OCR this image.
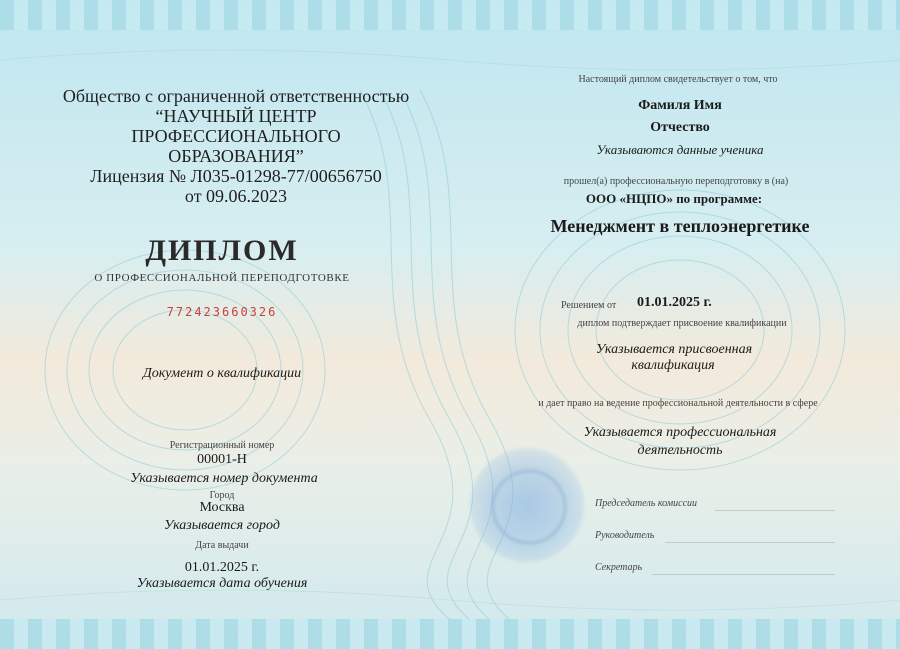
Общество с ограниченной ответственностью
“НАУЧНЫЙ ЦЕНТР
ПРОФЕССИОНАЛЬНОГО
ОБРАЗОВАНИЯ”
Лицензия № Л035-01298-77/00656750
от 09.06.2023
ДИПЛОМ
О ПРОФЕССИОНАЛЬНОЙ ПЕРЕПОДГОТОВКЕ
772423660326
Документ о квалификации
Регистрационный номер
00001-Н
Указывается номер документа
Город
Москва
Указывается город
Дата выдачи
01.01.2025 г.
Указывается дата обучения
Настоящий диплом свидетельствует о том, что
Фамиля Имя
Отчество
Указываются данные ученика
прошел(а) профессиональную переподготовку в (на)
ООО «НЦПО» по программе:
Менеджмент в теплоэнергетике
Решением от 01.01.2025 г.
диплом подтверждает присвоение квалификации
Указывается присвоенная
квалификация
и дает право на ведение профессиональной деятельности в сфере
Указывается профессиональная
деятельность
Председатель комиссии
Руководитель
Секретарь
